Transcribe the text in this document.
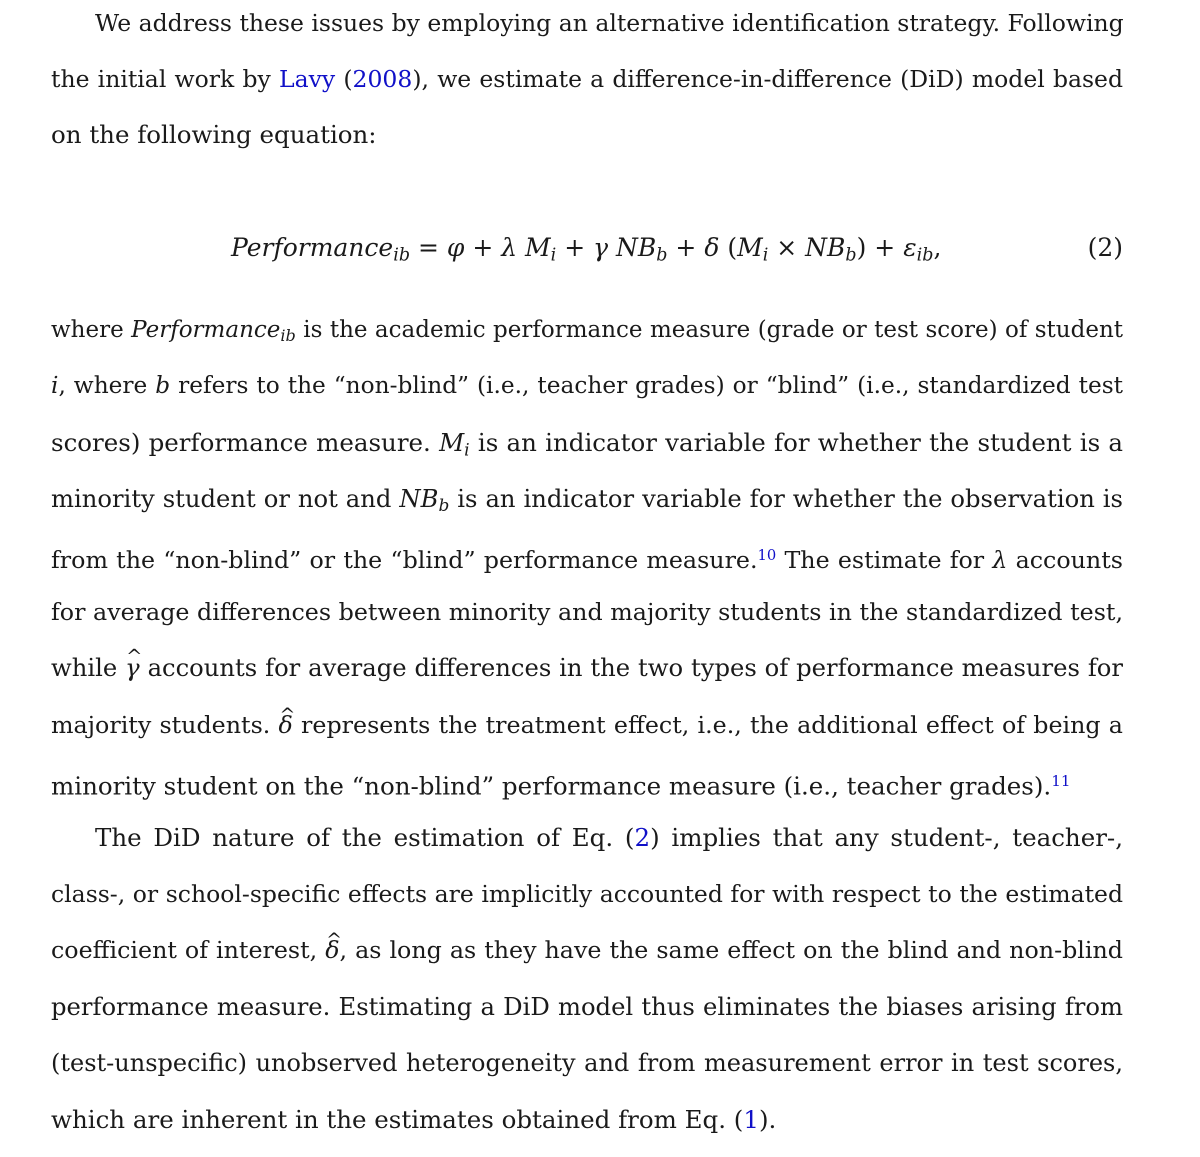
We address these issues by employing an alternative identification strategy. Following
the initial work by Lavy (2008), we estimate a difference-in-difference (DiD) model based
on the following equation:
Performance$_{ib}$ = φ + λ $M_i + \gamma$ $NB_b + \delta$ $(M_i \times NB_b) + \varepsilon_{ib}$,	(2)
where Performance$_{ib}$ is the academic performance measure (grade or test score) of student
i, where b refers to the “non-blind” (i.e., teacher grades) or “blind” (i.e., standardized test
scores) performance measure. $M_i$ is an indicator variable for whether the student is a
minority student or not and $NB_b$ is an indicator variable for whether the observation is
from the “non-blind” or the “blind” performance measure.$^{10}$ The estimate for λ accounts
for average differences between minority and majority students in the standardized test,
while ^ γ accounts for average differences in the two types of performance measures for
majority students. ^ δ represents the treatment effect, i.e., the additional effect of being a
minority student on the “non-blind” performance measure (i.e., teacher grades).$^{11}$
The DiD nature of the estimation of Eq. (2) implies that any student-, teacher-,
class-, or school-specific effects are implicitly accounted for with respect to the estimated
coefficient of interest, ^ δ, as long as they have the same effect on the blind and non-blind
performance measure. Estimating a DiD model thus eliminates the biases arising from
(test-unspecific) unobserved heterogeneity and from measurement error in test scores,
which are inherent in the estimates obtained from Eq. (1).
